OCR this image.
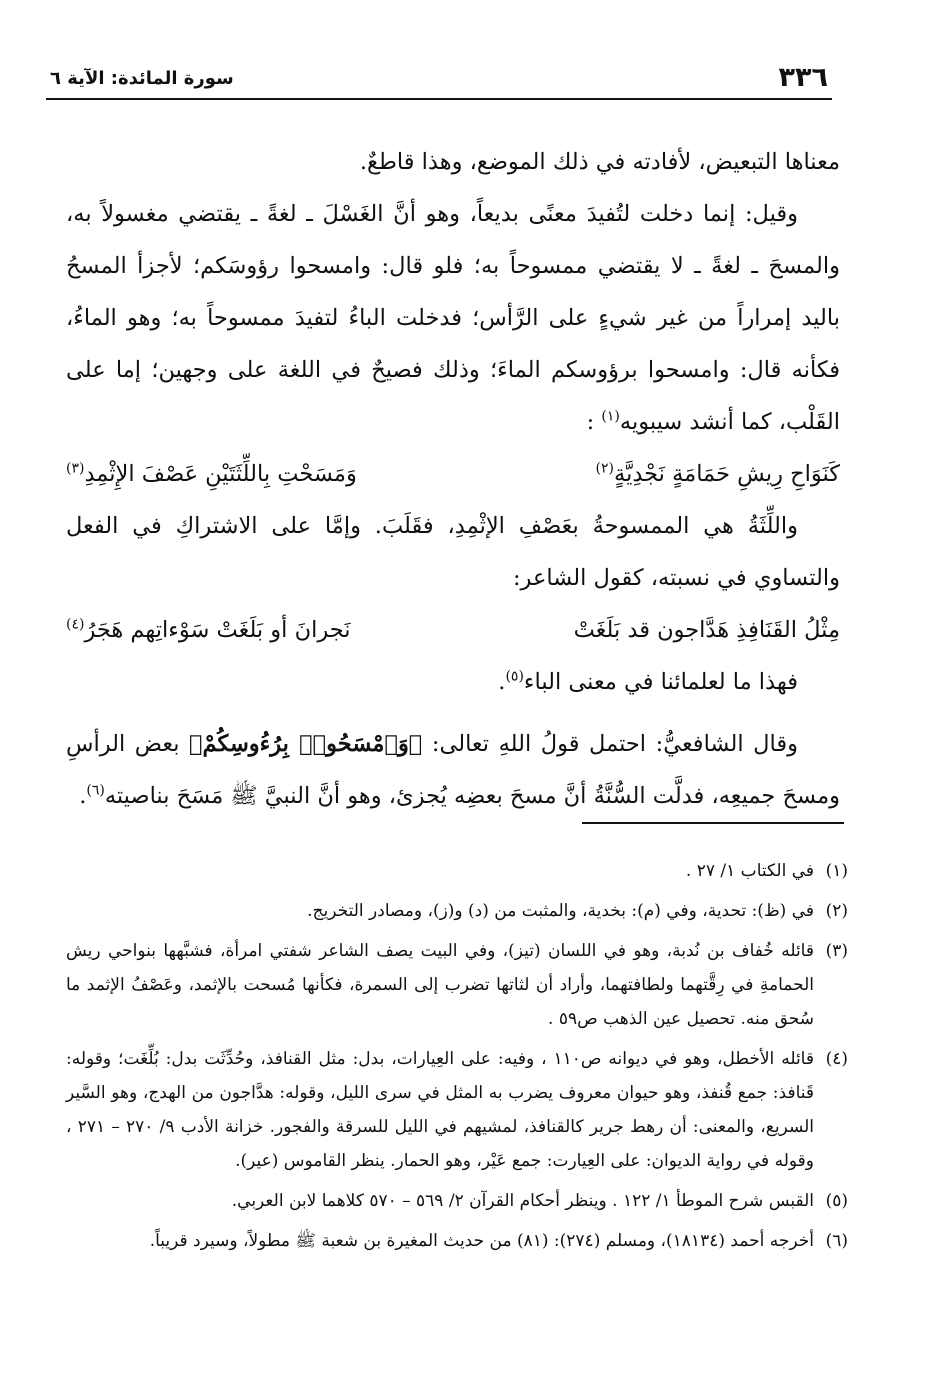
٣٣٦
سورة المائدة: الآية ٦

معناها التبعيض، لأفادته في ذلك الموضع، وهذا قاطعٌ.

وقيل: إنما دخلت لتُفيدَ معنًى بديعاً، وهو أنَّ الغَسْلَ ـ لغةً ـ يقتضي مغسولاً به، والمسحَ ـ لغةً ـ لا يقتضي ممسوحاً به؛ فلو قال: وامسحوا رؤوسَكم؛ لأجزأ المسحُ باليد إمراراً من غير شيءٍ على الرَّأس؛ فدخلت الباءُ لتفيدَ ممسوحاً به؛ وهو الماءُ، فكأنه قال: وامسحوا برؤوسكم الماءَ؛ وذلك فصيحٌ في اللغة على وجهين؛ إما على القَلْب، كما أنشد سيبويه$^{(١)}$ :

كَنَوَاحِ رِيشِ حَمَامَةٍ نَجْدِيَّةٍ$^{(٢)}$
وَمَسَحْتِ بِاللِّثَتَيْنِ عَصْفَ الإِثْمِدِ$^{(٣)}$

واللِّثَةُ هي الممسوحةُ بعَصْفِ الإثْمِدِ، فقَلَبَ. وإمَّا على الاشتراكِ في الفعل والتساوي في نسبته، كقول الشاعر:

مِثْلُ القَنَافِذِ هَدَّاجون قد بَلَغَتْ
نَجرانَ أو بَلَغَتْ سَوْءاتِهم هَجَرُ$^{(٤)}$

فهذا ما لعلمائنا في معنى الباء$^{(٥)}$.

وقال الشافعيُّ: احتمل قولُ اللهِ تعالى: ﴿وَٱمْسَحُوا۟ بِرُءُوسِكُمْ﴾ بعض الرأسِ ومسحَ جميعِه، فدلَّت السُّنَّةُ أنَّ مسحَ بعضِه يُجزئ، وهو أنَّ النبيَّ ﷺ مَسَحَ بناصيته$^{(٦)}$.

(١)
في الكتاب ١/ ٢٧ .
(٢)
في (ظ): تحدية، وفي (م): بخدية، والمثبت من (د) و(ز)، ومصادر التخريج.
(٣)
قائله خُفاف بن نُدبة، وهو في اللسان (تيز)، وفي البيت يصف الشاعر شفتي امرأة، فشبَّهها بنواحي ريش الحمامةِ في رِقَّتهما ولطافتهما، وأراد أن لثاتها تضرب إلى السمرة، فكأنها مُسحت بالإثمد، وعَصْفُ الإثمد ما سُحق منه. تحصيل عين الذهب ص٥٩ .
(٤)
قائله الأخطل، وهو في ديوانه ص١١٠ ، وفيه: على العِيارات، بدل: مثل القنافذ، وحُدِّثَت بدل: بُلِّغَت؛ وقوله: قَنافذ: جمع قُنفذ، وهو حيوان معروف يضرب به المثل في سرى الليل، وقوله: هدَّاجون من الهدج، وهو السَّير السريع، والمعنى: أن رهط جرير كالقنافذ، لمشيهم في الليل للسرقة والفجور. خزانة الأدب ٩/ ٢٧٠ – ٢٧١ ، وقوله في رواية الديوان: على العِيارت: جمع عَيْر، وهو الحمار. ينظر القاموس (عير).
(٥)
القبس شرح الموطأ ١/ ١٢٢ . وينظر أحكام القرآن ٢/ ٥٦٩ – ٥٧٠ كلاهما لابن العربي.
(٦)
أخرجه أحمد (١٨١٣٤)، ومسلم (٢٧٤): (٨١) من حديث المغيرة بن شعبة ﷺ مطولاً، وسيرد قريباً.
